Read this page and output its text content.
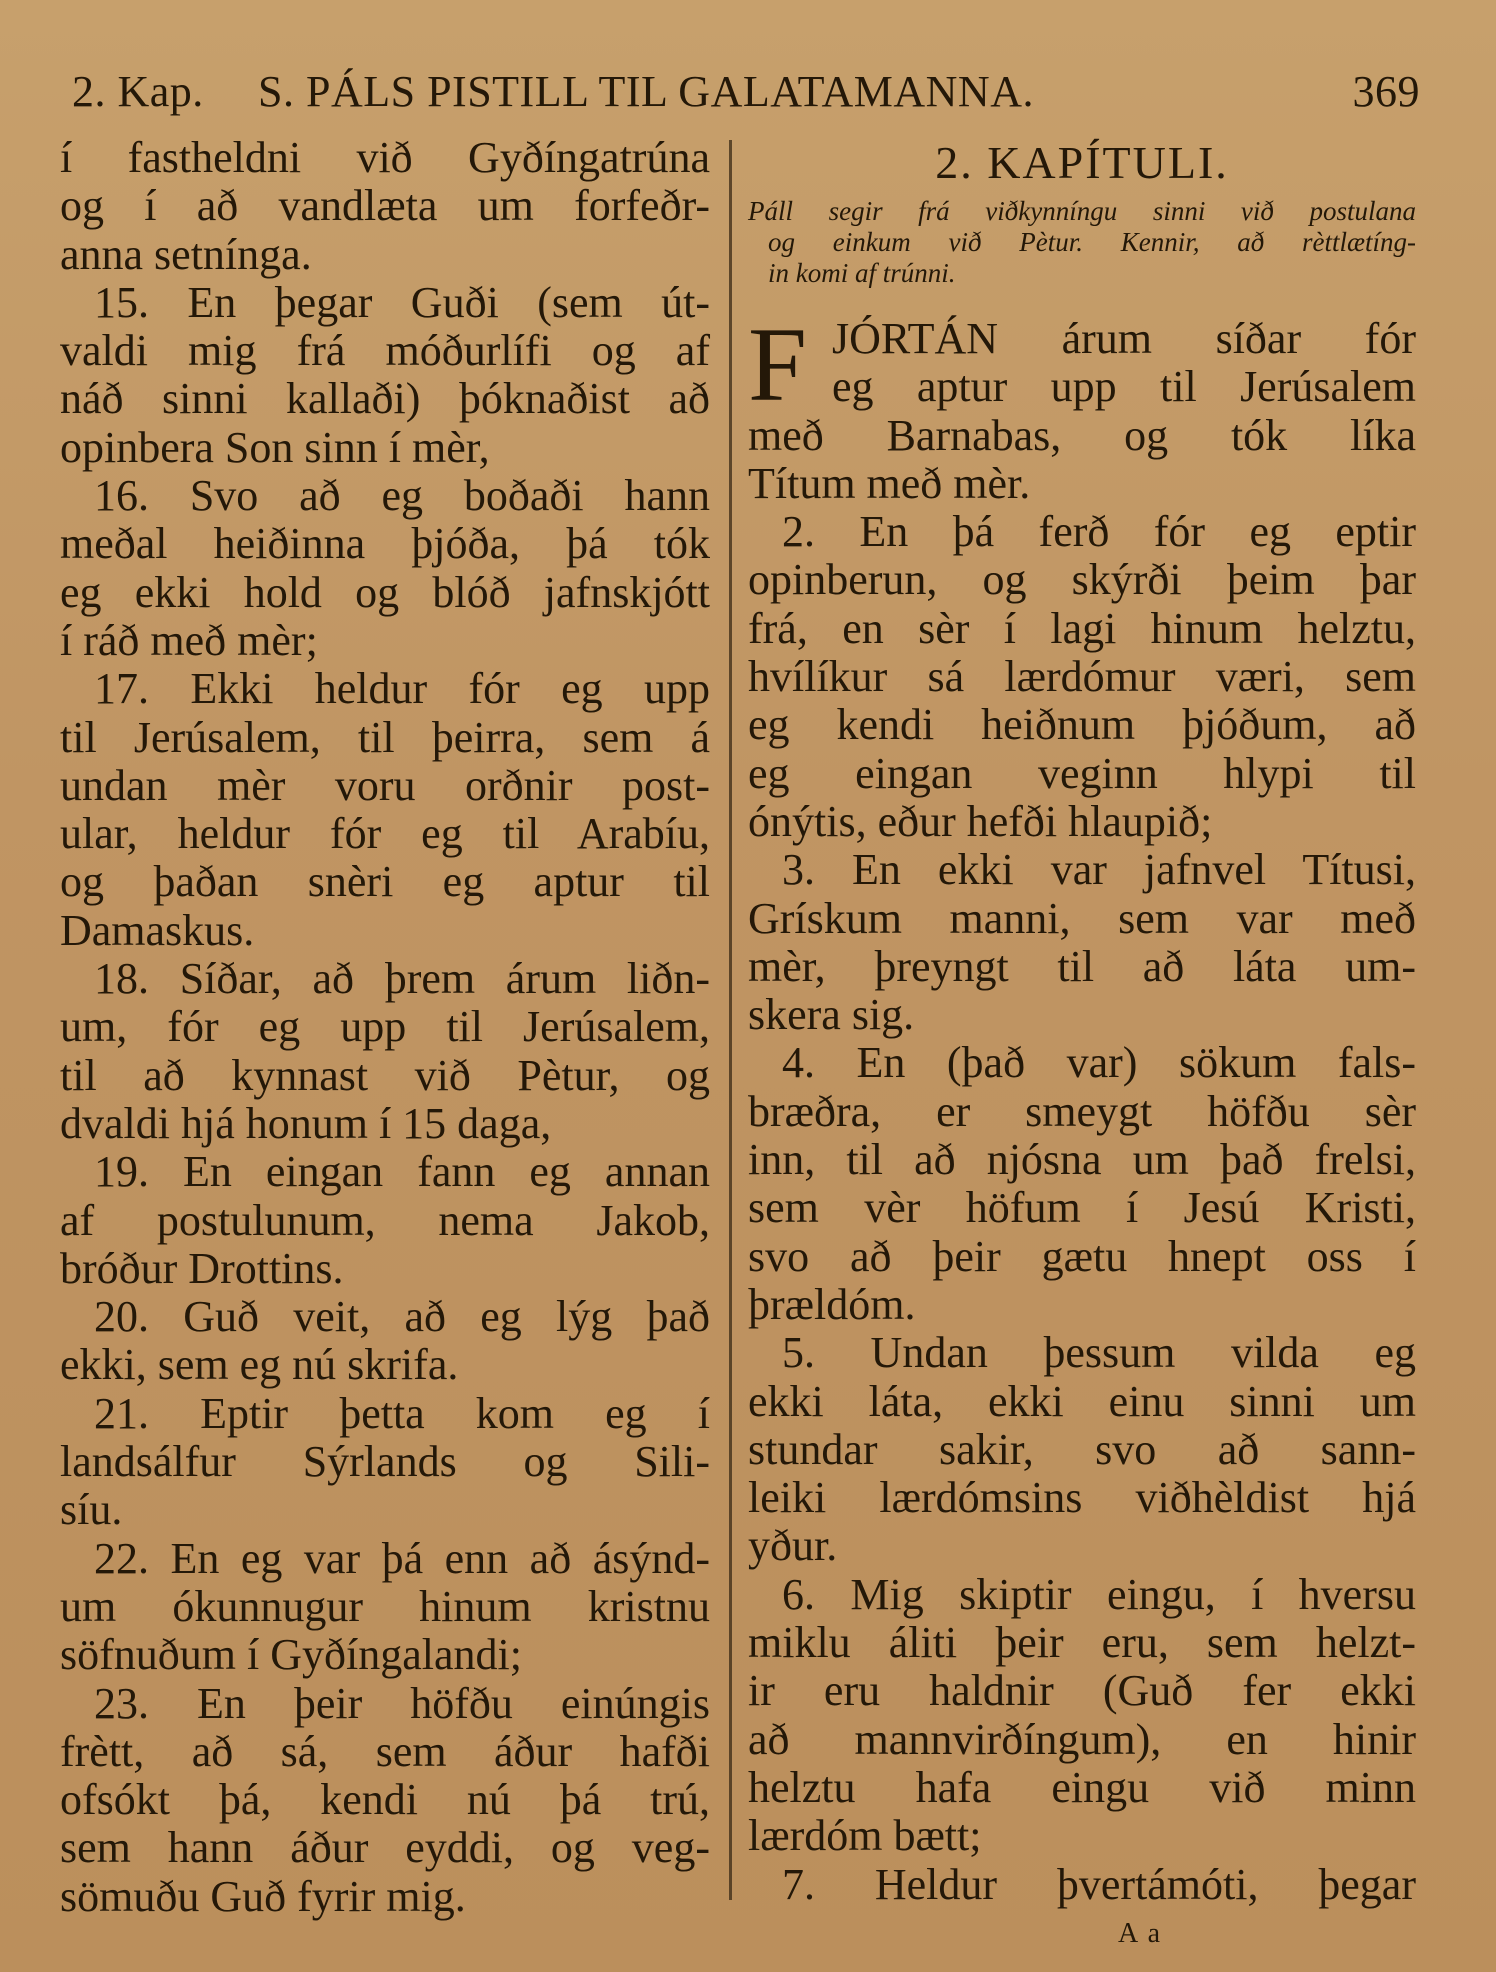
2. Kap. S. PÁLS PISTILL TIL GALATAMANNA.	369
í fastheldni við Gyðíngatrúna
og í að vandlæta um forfeðr-
anna setnínga.
15. En þegar Guði (sem út-
valdi mig frá móðurlífi og af
náð sinni kallaði) þóknaðist að
opinbera Son sinn í mèr,
16. Svo að eg boðaði hann
meðal heiðinna þjóða, þá tók
eg ekki hold og blóð jafnskjótt
í ráð með mèr;
17. Ekki heldur fór eg upp
til Jerúsalem, til þeirra, sem á
undan mèr voru orðnir post-
ular, heldur fór eg til Arabíu,
og þaðan snèri eg aptur til
Damaskus.
18. Síðar, að þrem árum liðn-
um, fór eg upp til Jerúsalem,
til að kynnast við Pètur, og
dvaldi hjá honum í 15 daga,
19. En eingan fann eg annan
af postulunum, nema Jakob,
bróður Drottins.
20. Guð veit, að eg lýg það
ekki, sem eg nú skrifa.
21. Eptir þetta kom eg í
landsálfur Sýrlands og Sili-
síu.
22. En eg var þá enn að ásýnd-
um ókunnugur hinum kristnu
söfnuðum í Gyðíngalandi;
23. En þeir höfðu einúngis
frètt, að sá, sem áður hafði
ofsókt þá, kendi nú þá trú,
sem hann áður eyddi, og veg-
sömuðu Guð fyrir mig.
2. KAPÍTULI.
Páll segir frá viðkynníngu sinni við postulana
og einkum við Pètur. Kennir, að rèttlætíng-
in komi af trúnni.
F JÓRTÁN árum síðar fór
eg aptur upp til Jerúsalem
með Barnabas, og tók líka
Títum með mèr.
2. En þá ferð fór eg eptir
opinberun, og skýrði þeim þar
frá, en sèr í lagi hinum helztu,
hvílíkur sá lærdómur væri, sem
eg kendi heiðnum þjóðum, að
eg eingan veginn hlypi til
ónýtis, eður hefði hlaupið;
3. En ekki var jafnvel Títusi,
Grískum manni, sem var með
mèr, þreyngt til að láta um-
skera sig.
4. En (það var) sökum fals-
bræðra, er smeygt höfðu sèr
inn, til að njósna um það frelsi,
sem vèr höfum í Jesú Kristi,
svo að þeir gætu hnept oss í
þrældóm.
5. Undan þessum vilda eg
ekki láta, ekki einu sinni um
stundar sakir, svo að sann-
leiki lærdómsins viðhèldist hjá
yður.
6. Mig skiptir eingu, í hversu
miklu áliti þeir eru, sem helzt-
ir eru haldnir (Guð fer ekki
að mannvirðíngum), en hinir
helztu hafa eingu við minn
lærdóm bætt;
7. Heldur þvertámóti, þegar
A a
